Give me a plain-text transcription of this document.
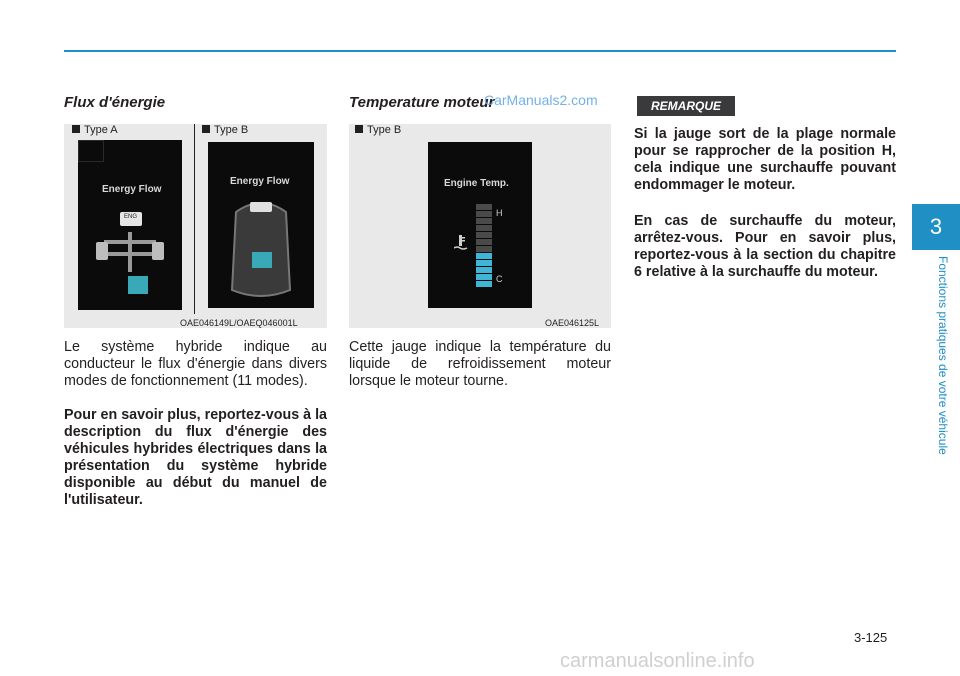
Flux d'énergie
Type A	Type B
Energy Flow
ENG
Energy Flow
OAE046149L/OAEQ046001L
Le système hybride indique au conducteur le flux d'énergie dans divers modes de fonctionnement (11 modes).
Pour en savoir plus, reportez-vous à la description du flux d'énergie des véhicules hybrides électriques dans la présentation du système hybride disponible au début du manuel de l'utilisateur.
Temperature moteur
CarManuals2.com
Type B
Engine Temp.
H
C
OAE046125L
Cette jauge indique la température du liquide de refroidissement moteur lorsque le moteur tourne.
REMARQUE
Si la jauge sort de la plage normale pour se rapprocher de la position H, cela indique une surchauffe pouvant endommager le moteur.
En cas de surchauffe du moteur, arrêtez-vous. Pour en savoir plus, reportez-vous à la section du chapitre 6 relative à la surchauffe du moteur.
3
Fonctions pratiques de votre véhicule
3-125
carmanualsonline.info
